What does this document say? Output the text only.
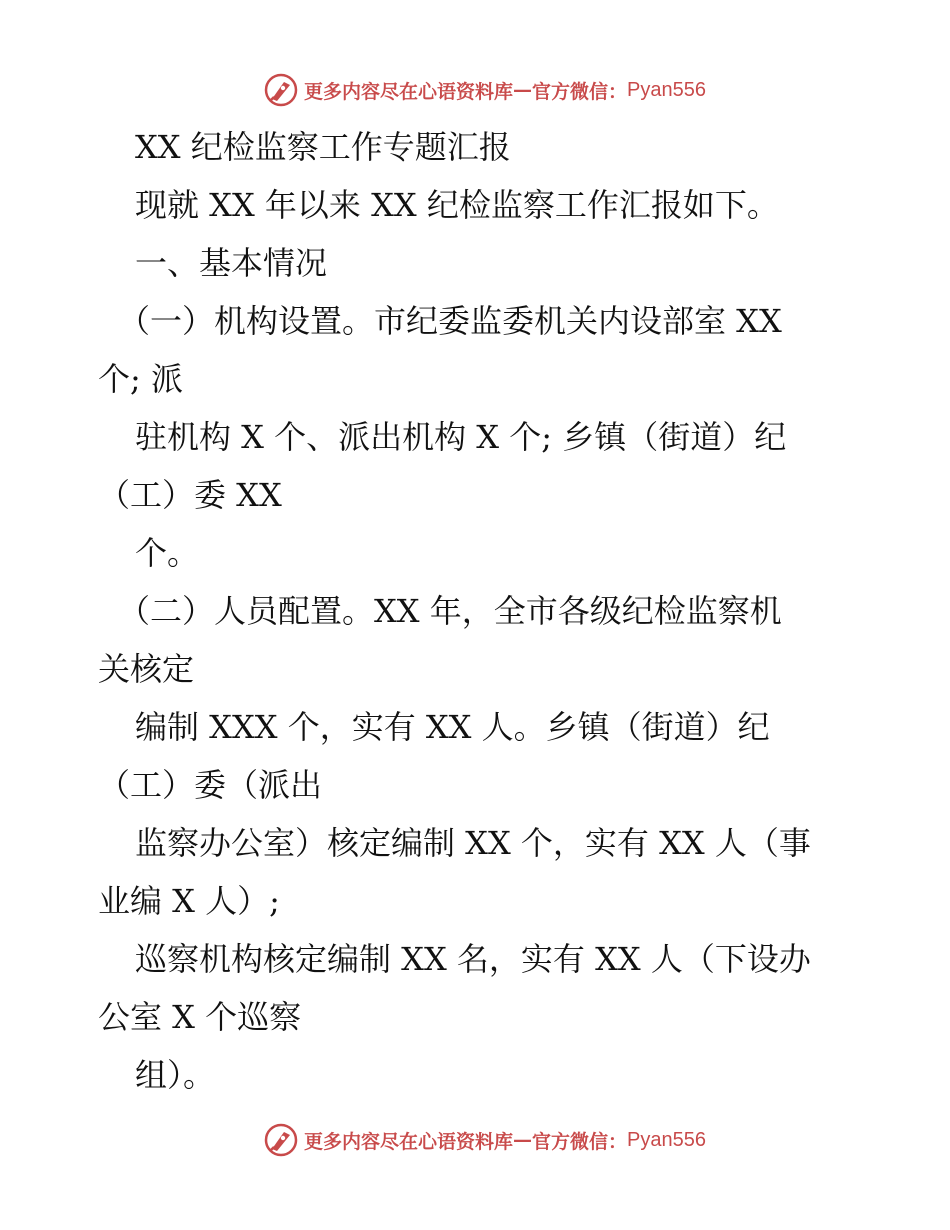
更多内容尽在心语资料库 — 官方微信： Pyan556
XX 纪检监察工作专题汇报
现就 XX 年以来 XX 纪检监察工作汇报如下。
一、基本情况
（一）机构设置。市纪委监委机关内设部室 XX
个; 派
驻机构 X 个、派出机构 X 个; 乡镇（街道）纪
（工）委 XX
个。
（二）人员配置。XX 年，全市各级纪检监察机
关核定
编制 XXX 个，实有 XX 人。乡镇（街道）纪
（工）委（派出
监察办公室）核定编制 XX 个，实有 XX 人（事
业编 X 人）;
巡察机构核定编制 XX 名，实有 XX 人（下设办
公室 X 个巡察
组）。
更多内容尽在心语资料库 — 官方微信： Pyan556
